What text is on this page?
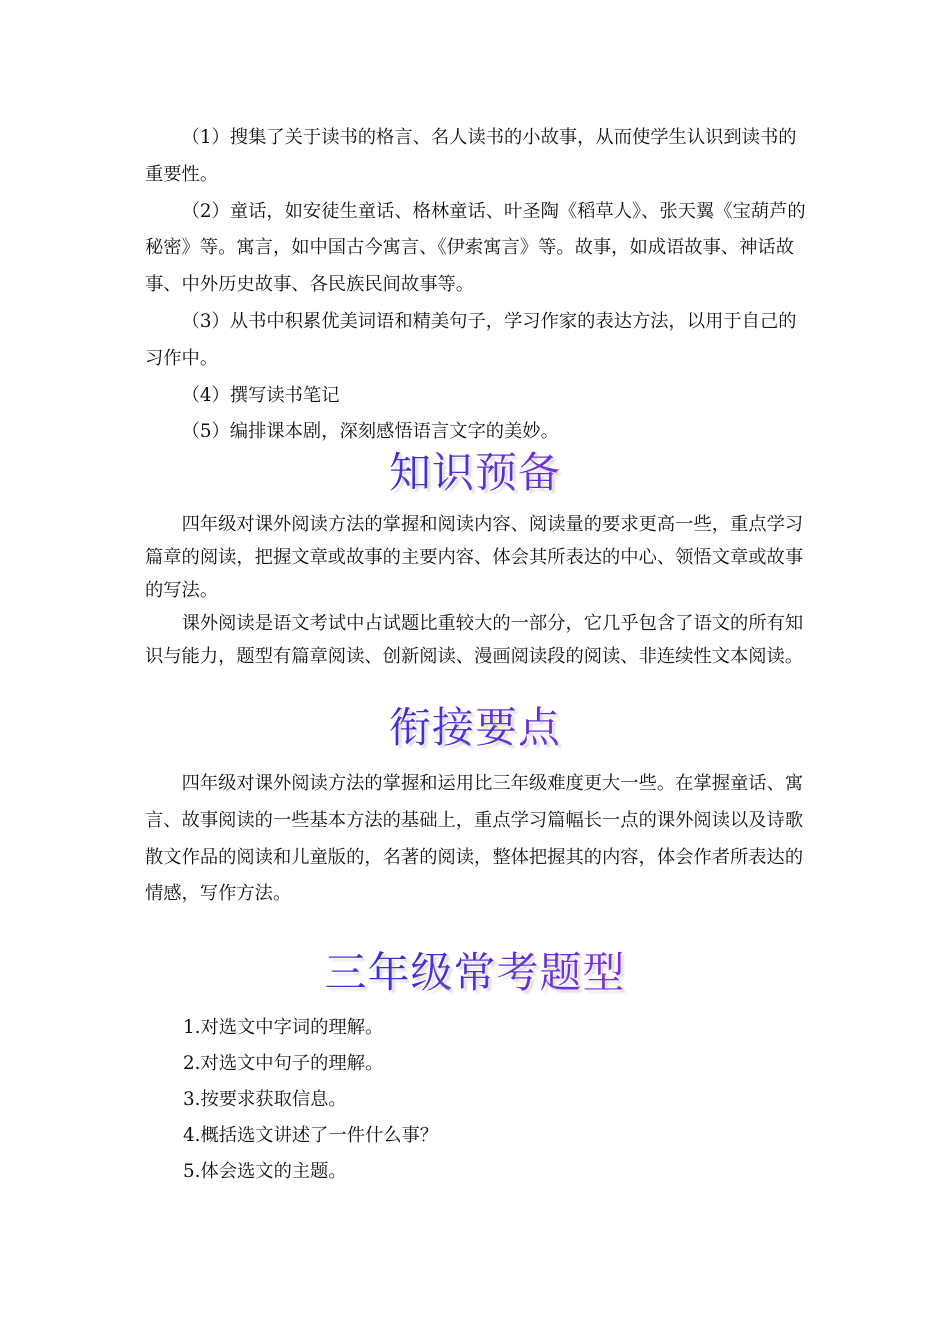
（1）搜集了关于读书的格言、名人读书的小故事，从而使学生认识到读书的重要性。

（2）童话，如安徒生童话、格林童话、叶圣陶《稻草人》、张天翼《宝葫芦的秘密》等。寓言，如中国古今寓言、《伊索寓言》等。故事，如成语故事、神话故事、中外历史故事、各民族民间故事等。

（3）从书中积累优美词语和精美句子，学习作家的表达方法，以用于自己的习作中。

（4）撰写读书笔记

（5）编排课本剧，深刻感悟语言文字的美妙。

知识预备

四年级对课外阅读方法的掌握和阅读内容、阅读量的要求更高一些，重点学习篇章的阅读，把握文章或故事的主要内容、体会其所表达的中心、领悟文章或故事的写法。

课外阅读是语文考试中占试题比重较大的一部分，它几乎包含了语文的所有知识与能力，题型有篇章阅读、创新阅读、漫画阅读段的阅读、非连续性文本阅读。

衔接要点

四年级对课外阅读方法的掌握和运用比三年级难度更大一些。在掌握童话、寓言、故事阅读的一些基本方法的基础上，重点学习篇幅长一点的课外阅读以及诗歌散文作品的阅读和儿童版的，名著的阅读，整体把握其的内容，体会作者所表达的情感，写作方法。

三年级常考题型
1.对选文中字词的理解。
2.对选文中句子的理解。
3.按要求获取信息。
4.概括选文讲述了一件什么事？
5.体会选文的主题。
